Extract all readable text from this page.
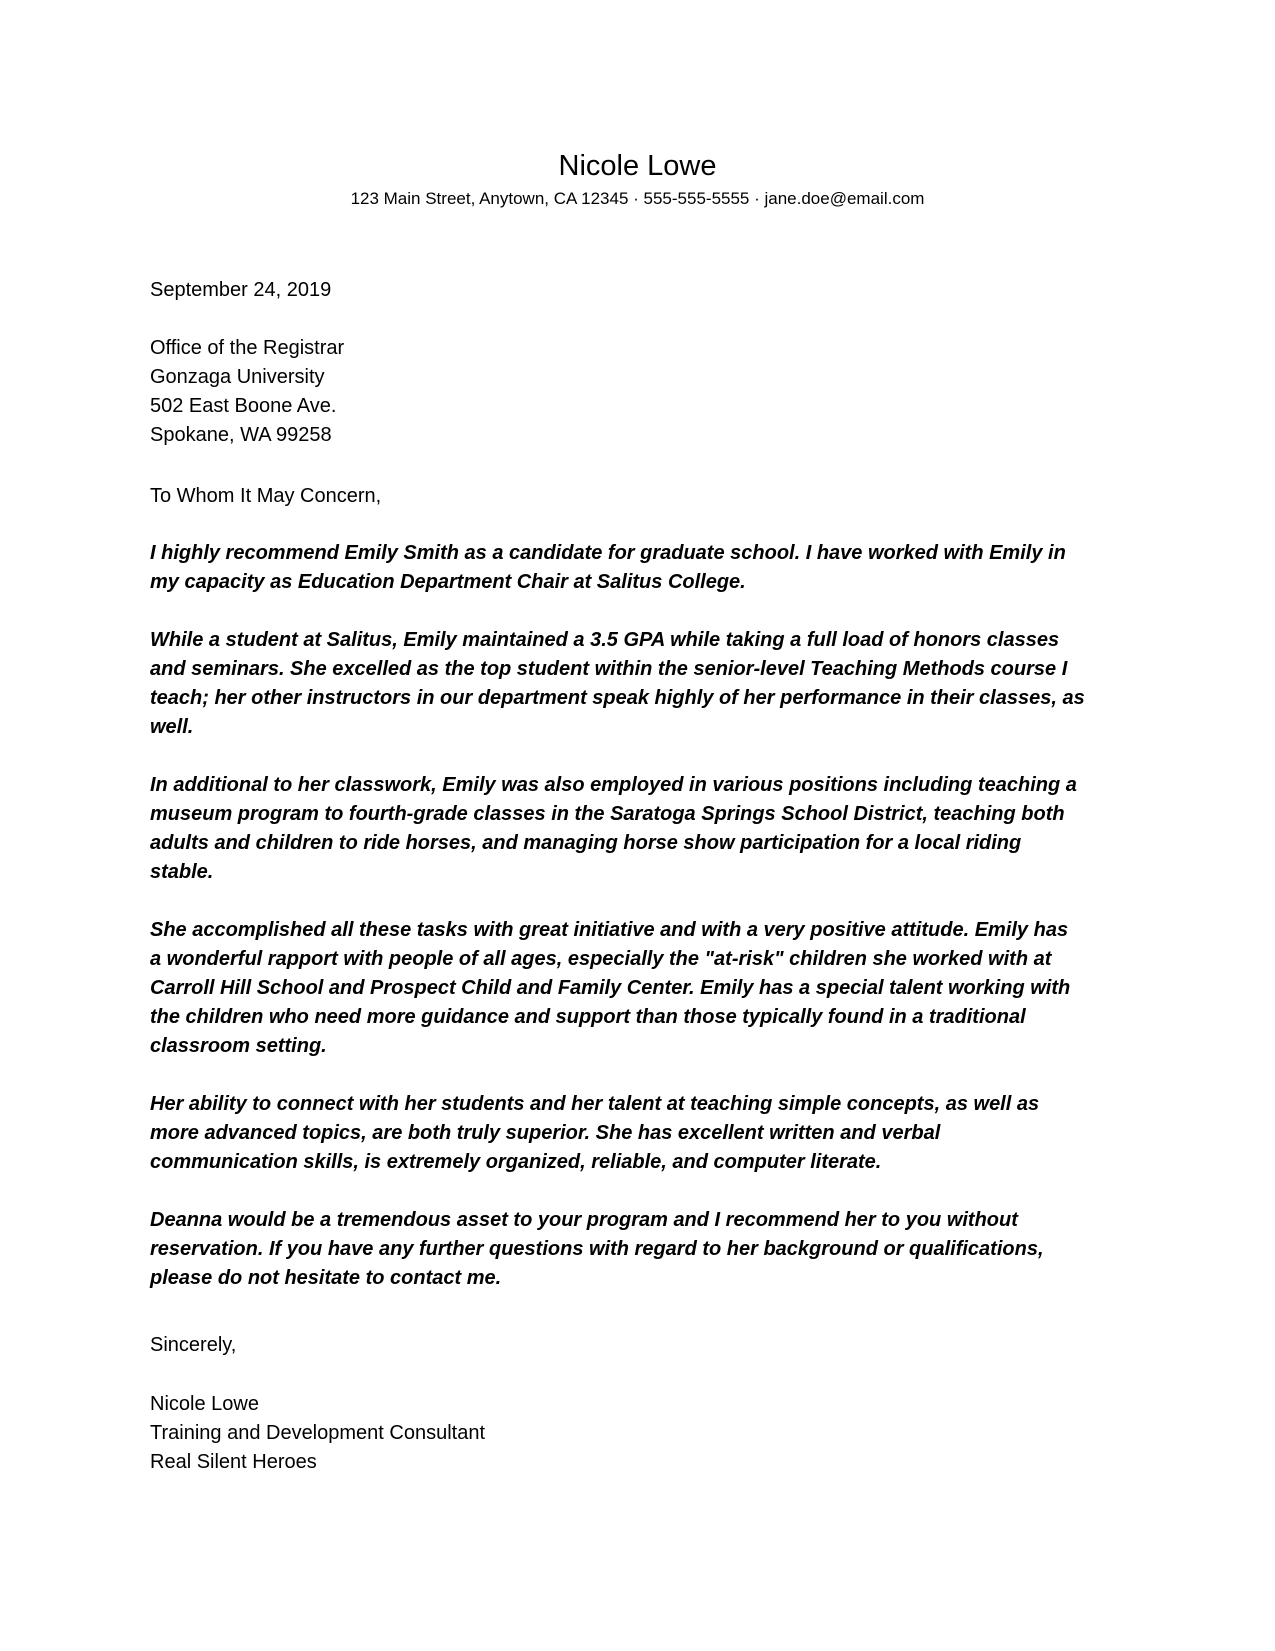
Nicole Lowe
123 Main Street, Anytown, CA 12345 · 555-555-5555 · jane.doe@email.com
September 24, 2019
Office of the Registrar
Gonzaga University
502 East Boone Ave.
Spokane, WA 99258
To Whom It May Concern,

I highly recommend Emily Smith as a candidate for graduate school. I have worked with Emily in
my capacity as Education Department Chair at Salitus College.

While a student at Salitus, Emily maintained a 3.5 GPA while taking a full load of honors classes
and seminars. She excelled as the top student within the senior-level Teaching Methods course I
teach; her other instructors in our department speak highly of her performance in their classes, as
well.

In additional to her classwork, Emily was also employed in various positions including teaching a
museum program to fourth-grade classes in the Saratoga Springs School District, teaching both
adults and children to ride horses, and managing horse show participation for a local riding
stable.

She accomplished all these tasks with great initiative and with a very positive attitude. Emily has
a wonderful rapport with people of all ages, especially the "at-risk" children she worked with at
Carroll Hill School and Prospect Child and Family Center. Emily has a special talent working with
the children who need more guidance and support than those typically found in a traditional
classroom setting.

Her ability to connect with her students and her talent at teaching simple concepts, as well as
more advanced topics, are both truly superior. She has excellent written and verbal
communication skills, is extremely organized, reliable, and computer literate.

Deanna would be a tremendous asset to your program and I recommend her to you without
reservation. If you have any further questions with regard to her background or qualifications,
please do not hesitate to contact me.

Sincerely,
Nicole Lowe
Training and Development Consultant
Real Silent Heroes
